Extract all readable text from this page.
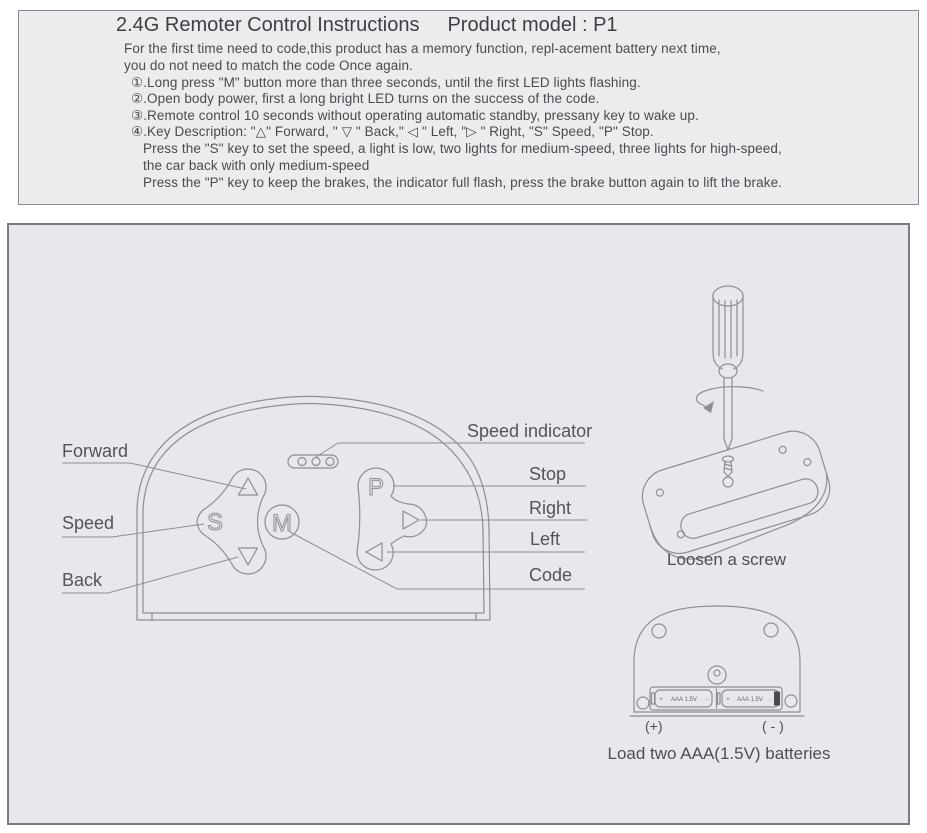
2.4G Remoter Control Instructions Product model : P1
For the first time need to code,this product has a memory function, repl-acement battery next time,
you do not need to match the code Once again.
①.Long press "M" button more than three seconds, until the first LED lights flashing.
②.Open body power, first a long bright LED turns on the success of the code.
③.Remote control 10 seconds without operating automatic standby, pressany key to wake up.
④.Key Description: "△" Forward, " ▽ " Back," ◁ " Left, "▷ " Right, "S" Speed, "P" Stop.
Press the "S" key to set the speed, a light is low, two lights for medium-speed, three lights for high-speed,
the car back with only medium-speed
Press the "P" key to keep the brakes, the indicator full flash, press the brake button again to lift the brake.
S M
P
Forward
Speed
Back
Speed indicator
Stop
Right
Left
Code
Loosen a screw
+ AAA 1.5V -	+ AAA 1.5V -
(+)	( - )
Load two AAA(1.5V) batteries
